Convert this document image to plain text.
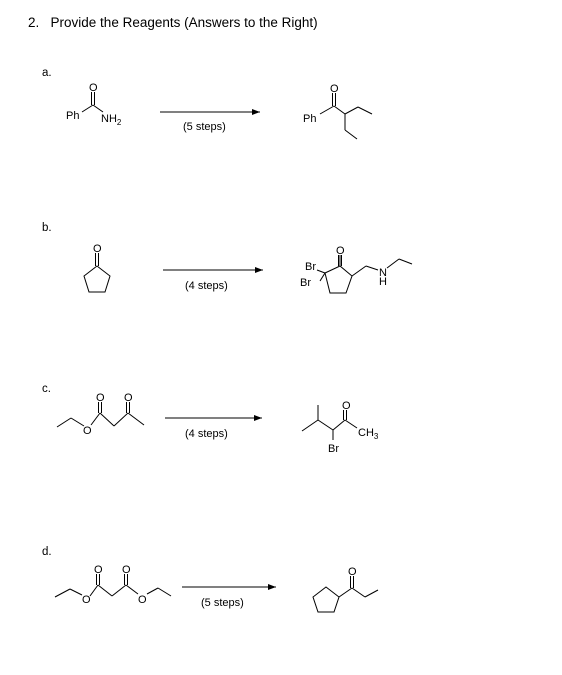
2. Provide the Reagents (Answers to the Right)
a.
b.
c.
d.
O
Ph $NH_2$	(5 steps)
O
Ph
O
(4 steps)
Br
Br
O
N
H
O
O O
(4 steps)
Br
O
$CH_3$
O
O O
O	(5 steps)
O
